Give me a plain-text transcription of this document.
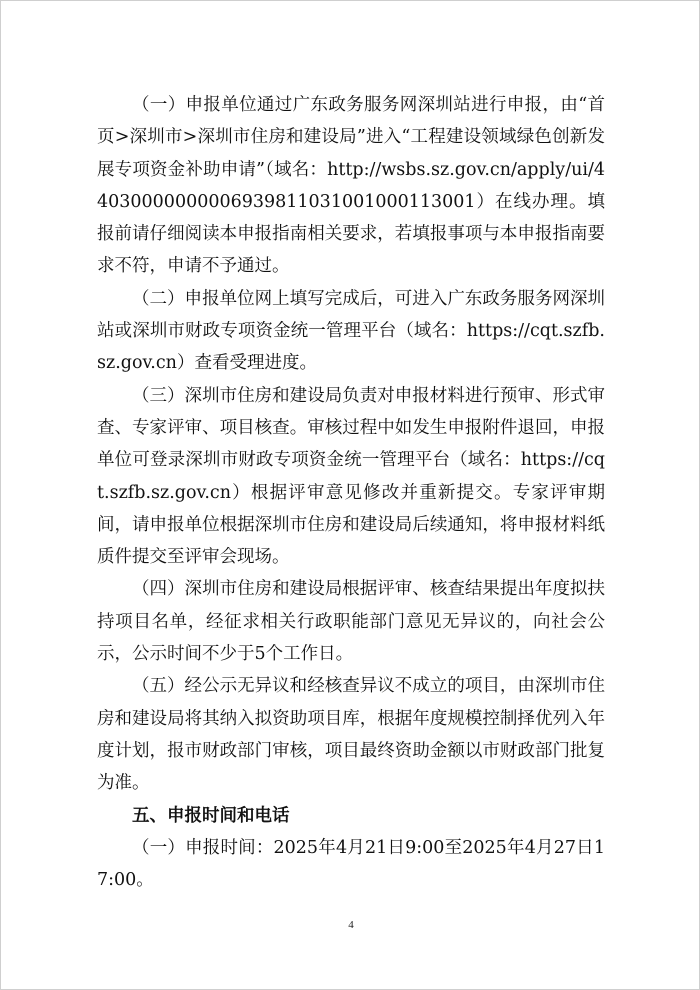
（一）申报单位通过广东政务服务网深圳站进行申报，由“首页>深圳市>深圳市住房和建设局”进入“工程建设领域绿色创新发展专项资金补助申请”（域名：http://wsbs.sz.gov.cn/apply/ui/44030000000006939811031001000113001）在线办理。填报前请仔细阅读本申报指南相关要求，若填报事项与本申报指南要求不符，申请不予通过。

（二）申报单位网上填写完成后，可进入广东政务服务网深圳站或深圳市财政专项资金统一管理平台（域名：https://cqt.szfb.sz.gov.cn）查看受理进度。

（三）深圳市住房和建设局负责对申报材料进行预审、形式审查、专家评审、项目核查。审核过程中如发生申报附件退回，申报单位可登录深圳市财政专项资金统一管理平台（域名：https://cqt.szfb.sz.gov.cn）根据评审意见修改并重新提交。专家评审期间，请申报单位根据深圳市住房和建设局后续通知，将申报材料纸质件提交至评审会现场。

（四）深圳市住房和建设局根据评审、核查结果提出年度拟扶持项目名单，经征求相关行政职能部门意见无异议的，向社会公示，公示时间不少于5个工作日。

（五）经公示无异议和经核查异议不成立的项目，由深圳市住房和建设局将其纳入拟资助项目库，根据年度规模控制择优列入年度计划，报市财政部门审核，项目最终资助金额以市财政部门批复为准。

五、申报时间和电话

（一）申报时间：2025年4月21日9:00至2025年4月27日17:00。

4
